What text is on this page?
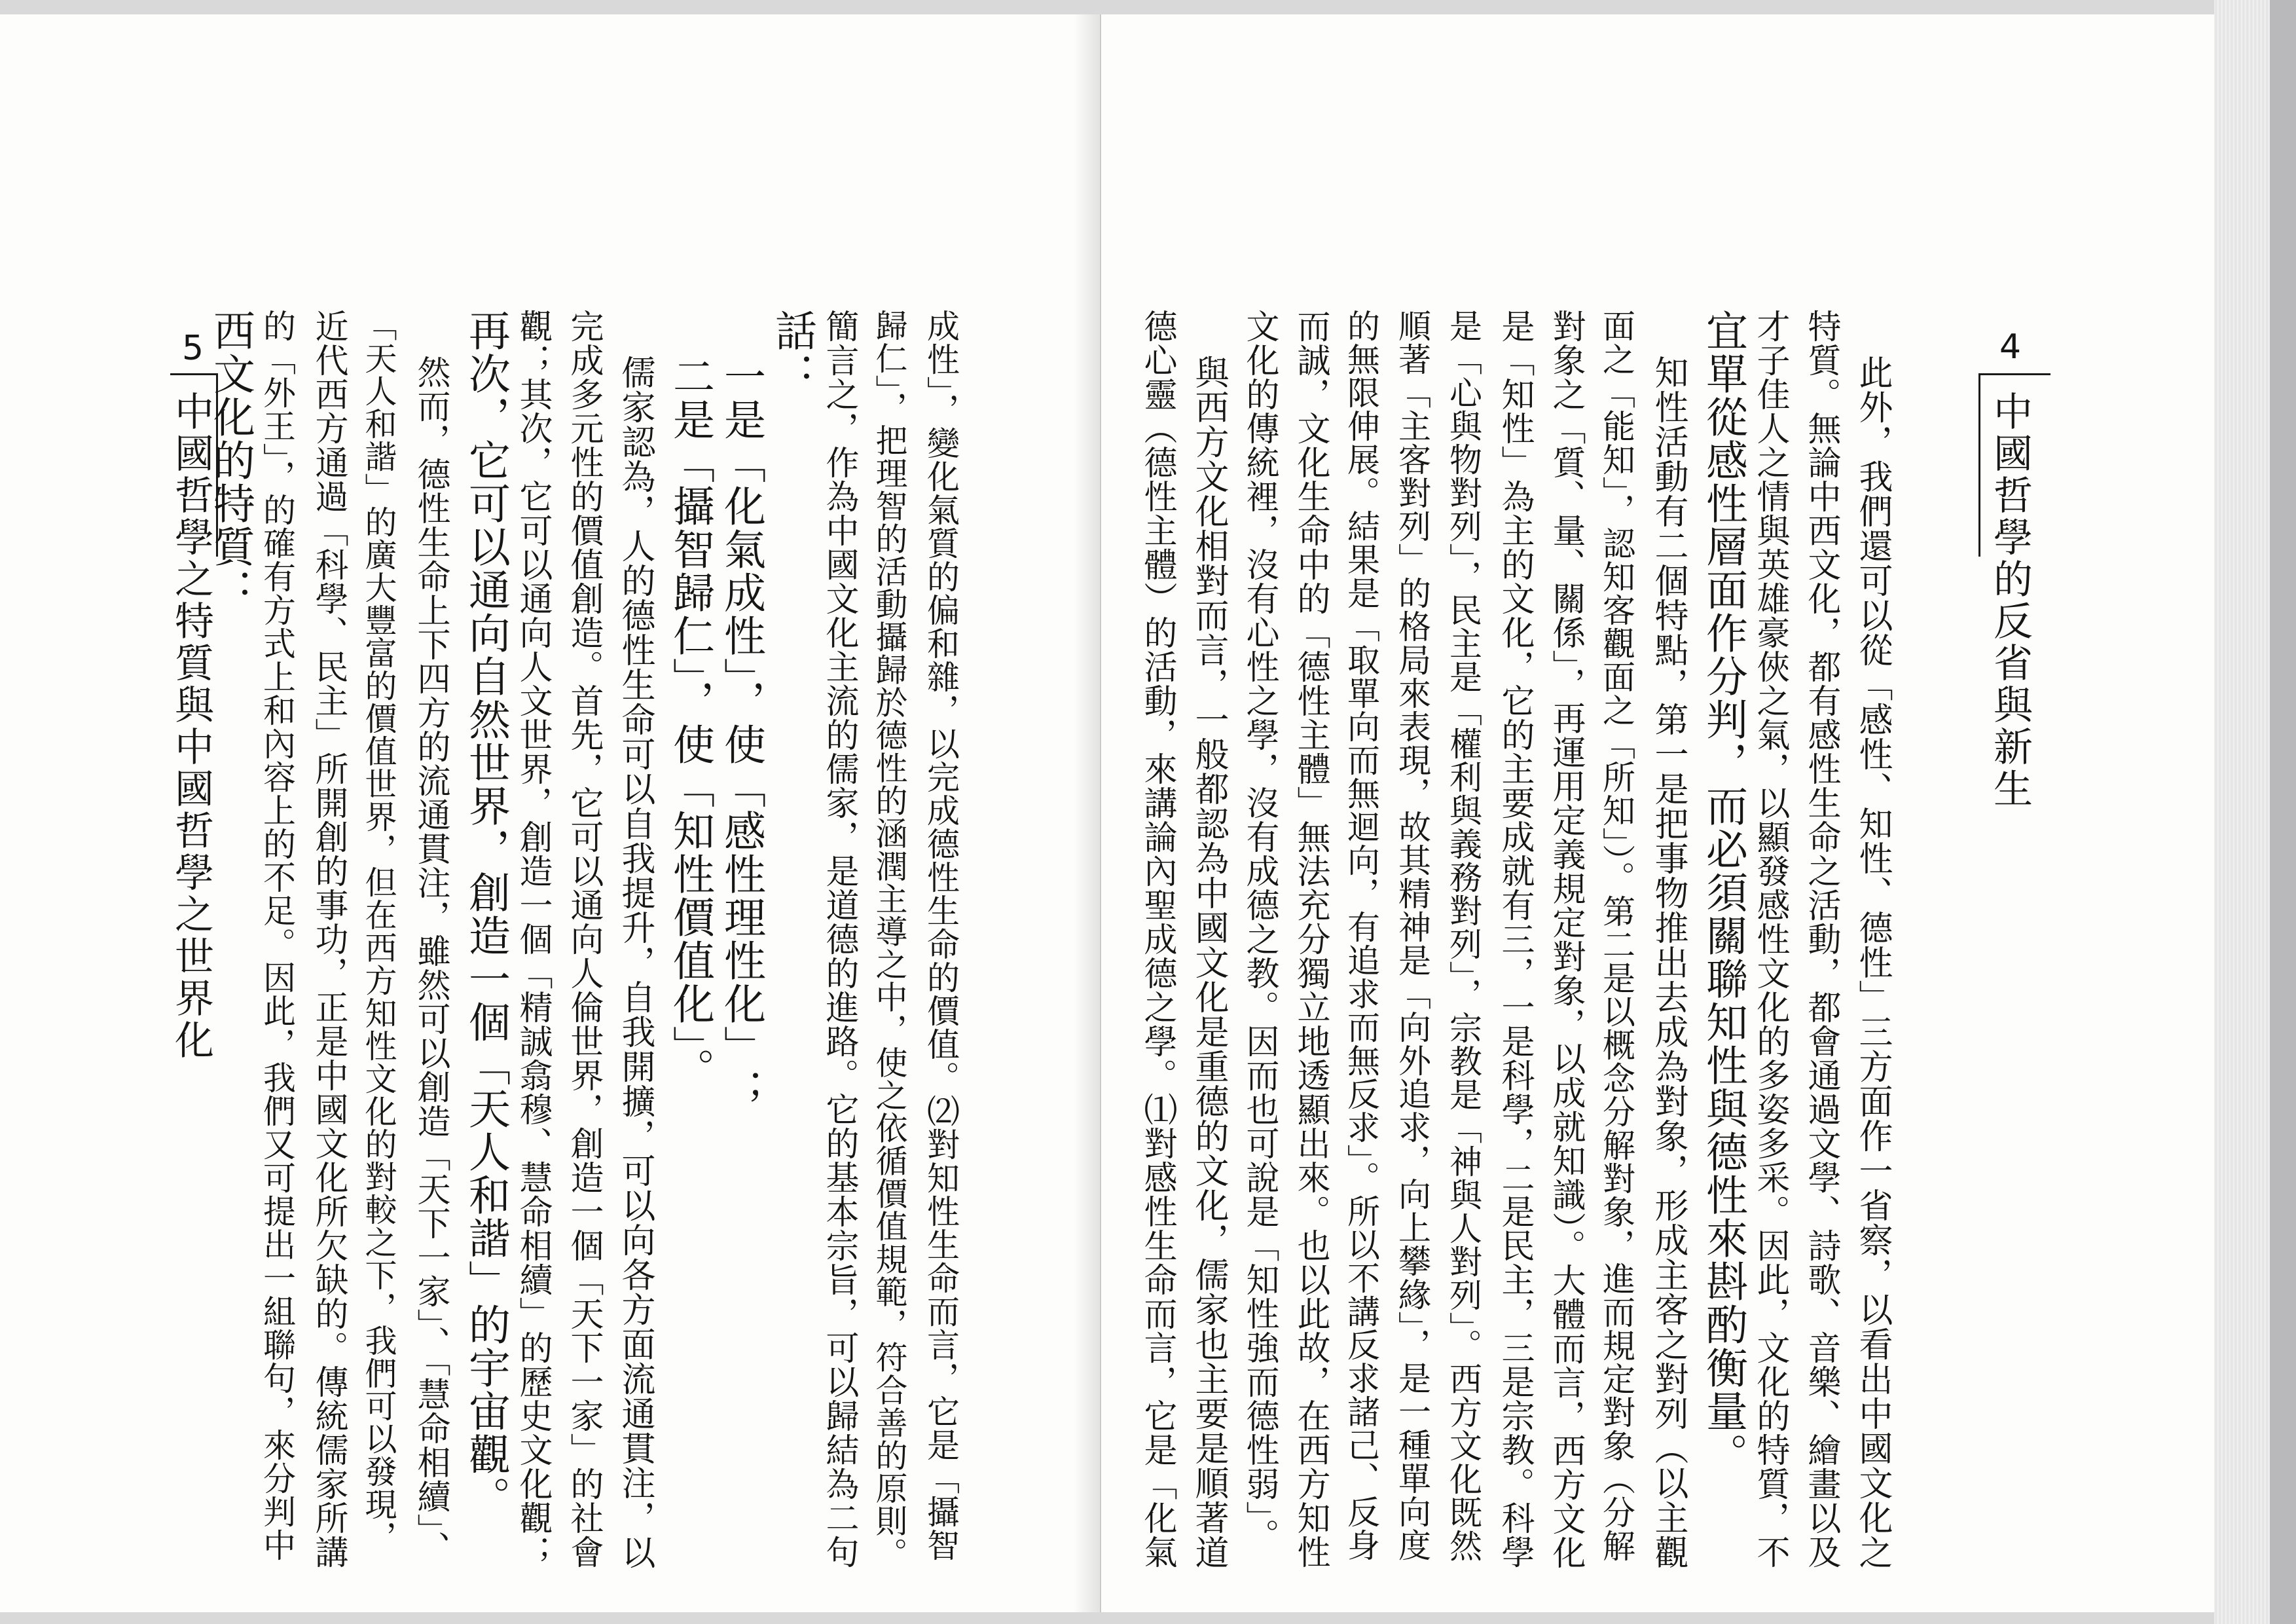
5
中國哲學之特質與中國哲學之世界化	成性」，變化氣質的偏和雜，以完成德性生命的價值。⑵對知性生命而言，它是「攝智
歸仁」，把理智的活動攝歸於德性的涵潤主導之中，使之依循價值規範，符合善的原則。
簡言之，作為中國文化主流的儒家，是道德的進路。它的基本宗旨，可以歸結為二句
話：
一是「化氣成性」，使「感性理性化」；
二是「攝智歸仁」，使「知性價值化」。
儒家認為，人的德性生命可以自我提升，自我開擴，可以向各方面流通貫注，以
完成多元性的價值創造。首先，它可以通向人倫世界，創造一個「天下一家」的社會
觀；其次，它可以通向人文世界，創造一個「精誠翕穆、慧命相續」的歷史文化觀；
再次，它可以通向自然世界，創造一個「天人和諧」的宇宙觀。
然而，德性生命上下四方的流通貫注，雖然可以創造「天下一家」、「慧命相續」、
「天人和諧」的廣大豐富的價值世界，但在西方知性文化的對較之下，我們可以發現，
近代西方通過「科學、民主」所開創的事功，正是中國文化所欠缺的。傳統儒家所講
的「外王」，的確有方式上和內容上的不足。因此，我們又可提出一組聯句，來分判中
西文化的特質：	4
中國哲學的反省與新生
此外，我們還可以從「感性、知性、德性」三方面作一省察，以看出中國文化之
特質。無論中西文化，都有感性生命之活動，都會通過文學、詩歌、音樂、繪畫以及
才子佳人之情與英雄豪俠之氣，以顯發感性文化的多姿多采。因此，文化的特質，不
宜單從感性層面作分判，而必須關聯知性與德性來斟酌衡量。
知性活動有二個特點，第一是把事物推出去成為對象，形成主客之對列（以主觀
面之「能知」，認知客觀面之「所知」）。第二是以概念分解對象，進而規定對象（分解
對象之「質、量、關係」，再運用定義規定對象，以成就知識）。大體而言，西方文化
是「知性」為主的文化，它的主要成就有三，一是科學，二是民主，三是宗教。科學
是「心與物對列」，民主是「權利與義務對列」，宗教是「神與人對列」。西方文化既然
順著「主客對列」的格局來表現，故其精神是「向外追求，向上攀緣」，是一種單向度
的無限伸展。結果是「取單向而無迴向，有追求而無反求」。所以不講反求諸己、反身
而誠，文化生命中的「德性主體」無法充分獨立地透顯出來。也以此故，在西方知性
文化的傳統裡，沒有心性之學，沒有成德之教。因而也可說是「知性強而德性弱」。
與西方文化相對而言，一般都認為中國文化是重德的文化，儒家也主要是順著道
德心靈（德性主體）的活動，來講論內聖成德之學。⑴對感性生命而言，它是「化氣
